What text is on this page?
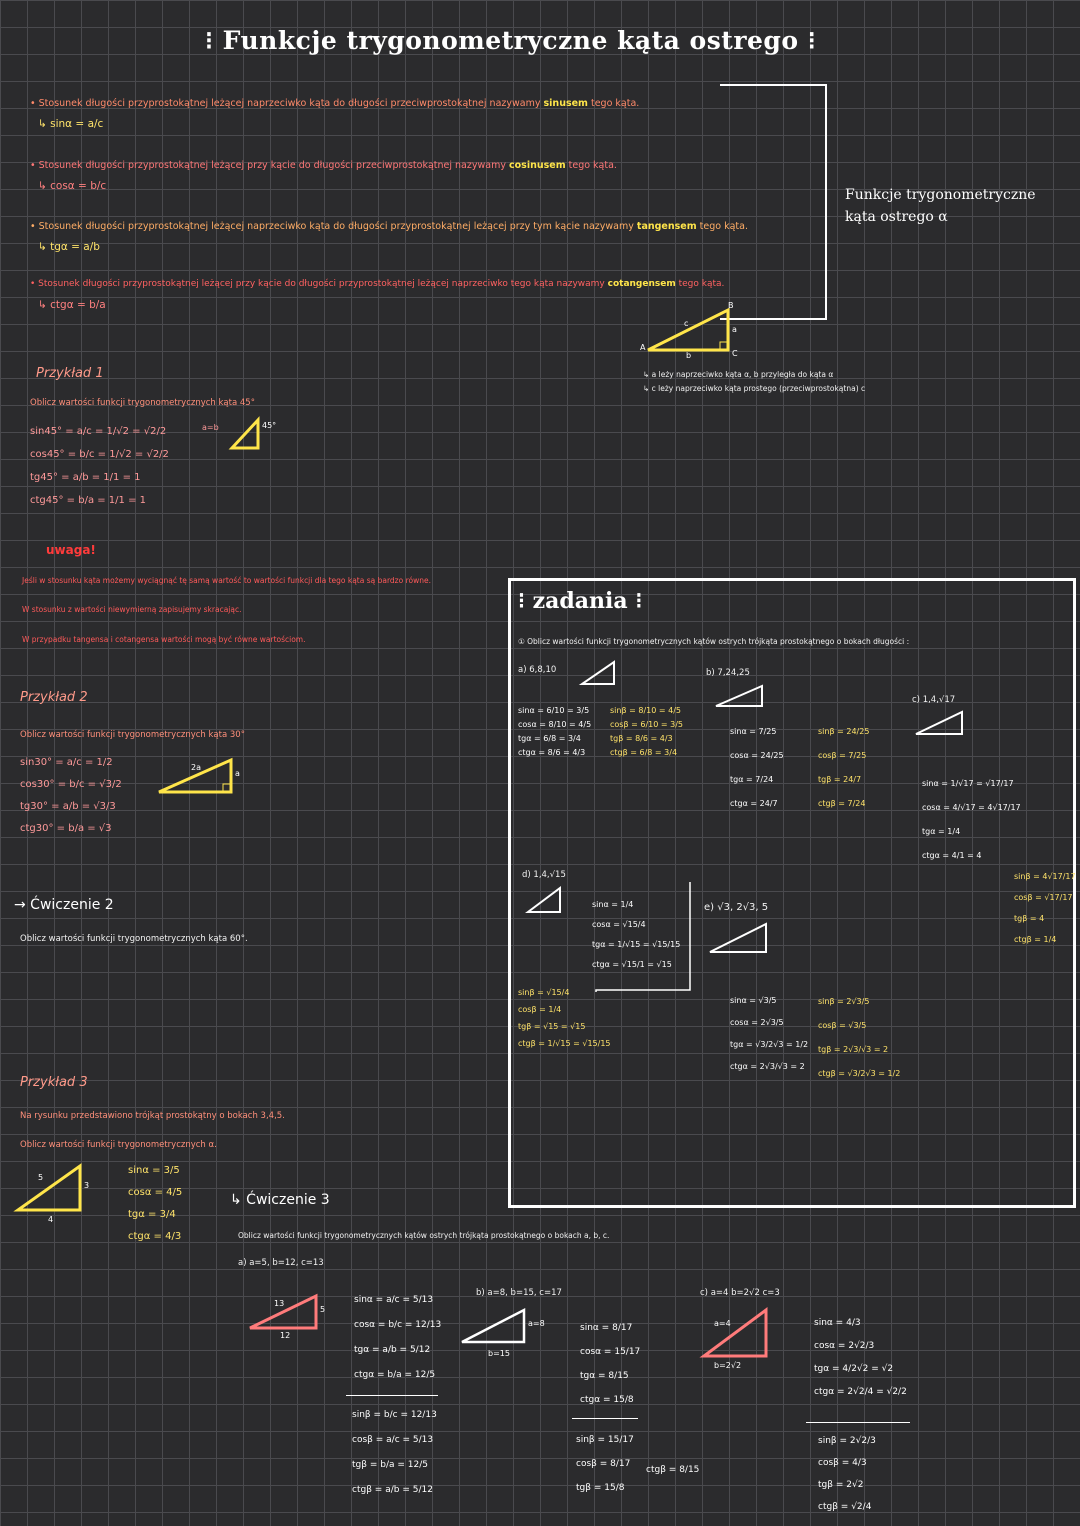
⁝ Funkcje trygonometryczne kąta ostrego ⁝
• Stosunek długości przyprostokątnej leżącej naprzeciwko kąta do długości przeciwprostokątnej nazywamy sinusem tego kąta.
↳ sinα = a/c
• Stosunek długości przyprostokątnej leżącej przy kącie do długości przeciwprostokątnej nazywamy cosinusem tego kąta.
↳ cosα = b/c
• Stosunek długości przyprostokątnej leżącej naprzeciwko kąta do długości przyprostokątnej leżącej przy tym kącie nazywamy tangensem tego kąta.
↳ tgα = a/b
• Stosunek długości przyprostokątnej leżącej przy kącie do długości przyprostokątnej leżącej naprzeciwko tego kąta nazywamy cotangensem tego kąta.
↳ ctgα = b/a
Funkcje trygonometryczne
kąta ostrego α
A
C
B
c
a
b
↳ a leży naprzeciwko kąta α, b przyległa do kąta α
↳ c leży naprzeciwko kąta prostego (przeciwprostokątna) c
Przykład 1
Oblicz wartości funkcji trygonometrycznych kąta 45°
sin45° = a/c = 1/√2 = √2/2
cos45° = b/c = 1/√2 = √2/2
tg45° = a/b = 1/1 = 1
ctg45° = b/a = 1/1 = 1
a=b	45°
uwaga!
Jeśli w stosunku kąta możemy wyciągnąć tę samą wartość to wartości funkcji dla tego kąta są bardzo równe.
W stosunku z wartości niewymierną zapisujemy skracając.
W przypadku tangensa i cotangensa wartości mogą być równe wartościom.
Przykład 2
Oblicz wartości funkcji trygonometrycznych kąta 30°
sin30° = a/c = 1/2
cos30° = b/c = √3/2
tg30° = a/b = √3/3
ctg30° = b/a = √3
2a
a
→ Ćwiczenie 2
Oblicz wartości funkcji trygonometrycznych kąta 60°.
Przykład 3
Na rysunku przedstawiono trójkąt prostokątny o bokach 3,4,5.
Oblicz wartości funkcji trygonometrycznych α.
5
3
4
sinα = 3/5
cosα = 4/5
tgα = 3/4
ctgα = 4/3
⁝ zadania ⁝
① Oblicz wartości funkcji trygonometrycznych kątów ostrych trójkąta prostokątnego o bokach długości :
a) 6,8,10
sinα = 6/10 = 3/5
cosα = 8/10 = 4/5
tgα = 6/8 = 3/4
ctgα = 8/6 = 4/3
sinβ = 8/10 = 4/5
cosβ = 6/10 = 3/5
tgβ = 8/6 = 4/3
ctgβ = 6/8 = 3/4
b) 7,24,25
sinα = 7/25
cosα = 24/25
tgα = 7/24
ctgα = 24/7
sinβ = 24/25
cosβ = 7/25
tgβ = 24/7
ctgβ = 7/24
c) 1,4,√17
sinα = 1/√17 = √17/17
cosα = 4/√17 = 4√17/17
tgα = 1/4
ctgα = 4/1 = 4
sinβ = 4√17/17
cosβ = √17/17
tgβ = 4
ctgβ = 1/4
d) 1,4,√15
sinα = 1/4
cosα = √15/4
tgα = 1/√15 = √15/15
ctgα = √15/1 = √15
sinβ = √15/4
cosβ = 1/4
tgβ = √15 = √15
ctgβ = 1/√15 = √15/15
e) √3, 2√3, 5
sinα = √3/5
cosα = 2√3/5
tgα = √3/2√3 = 1/2
ctgα = 2√3/√3 = 2
sinβ = 2√3/5
cosβ = √3/5
tgβ = 2√3/√3 = 2
ctgβ = √3/2√3 = 1/2
↳ Ćwiczenie 3
Oblicz wartości funkcji trygonometrycznych kątów ostrych trójkąta prostokątnego o bokach a, b, c.
a) a=5, b=12, c=13
13
5
12
sinα = a/c = 5/13
cosα = b/c = 12/13
tgα = a/b = 5/12
ctgα = b/a = 12/5
sinβ = b/c = 12/13
cosβ = a/c = 5/13
tgβ = b/a = 12/5
ctgβ = a/b = 5/12
b) a=8, b=15, c=17
a=8
b=15
sinα = 8/17
cosα = 15/17
tgα = 8/15
ctgα = 15/8
sinβ = 15/17
cosβ = 8/17
tgβ = 15/8
ctgβ = 8/15
c) a=4 b=2√2 c=3
a=4
b=2√2
sinα = 4/3
cosα = 2√2/3
tgα = 4/2√2 = √2
ctgα = 2√2/4 = √2/2
sinβ = 2√2/3
cosβ = 4/3
tgβ = 2√2
ctgβ = √2/4
